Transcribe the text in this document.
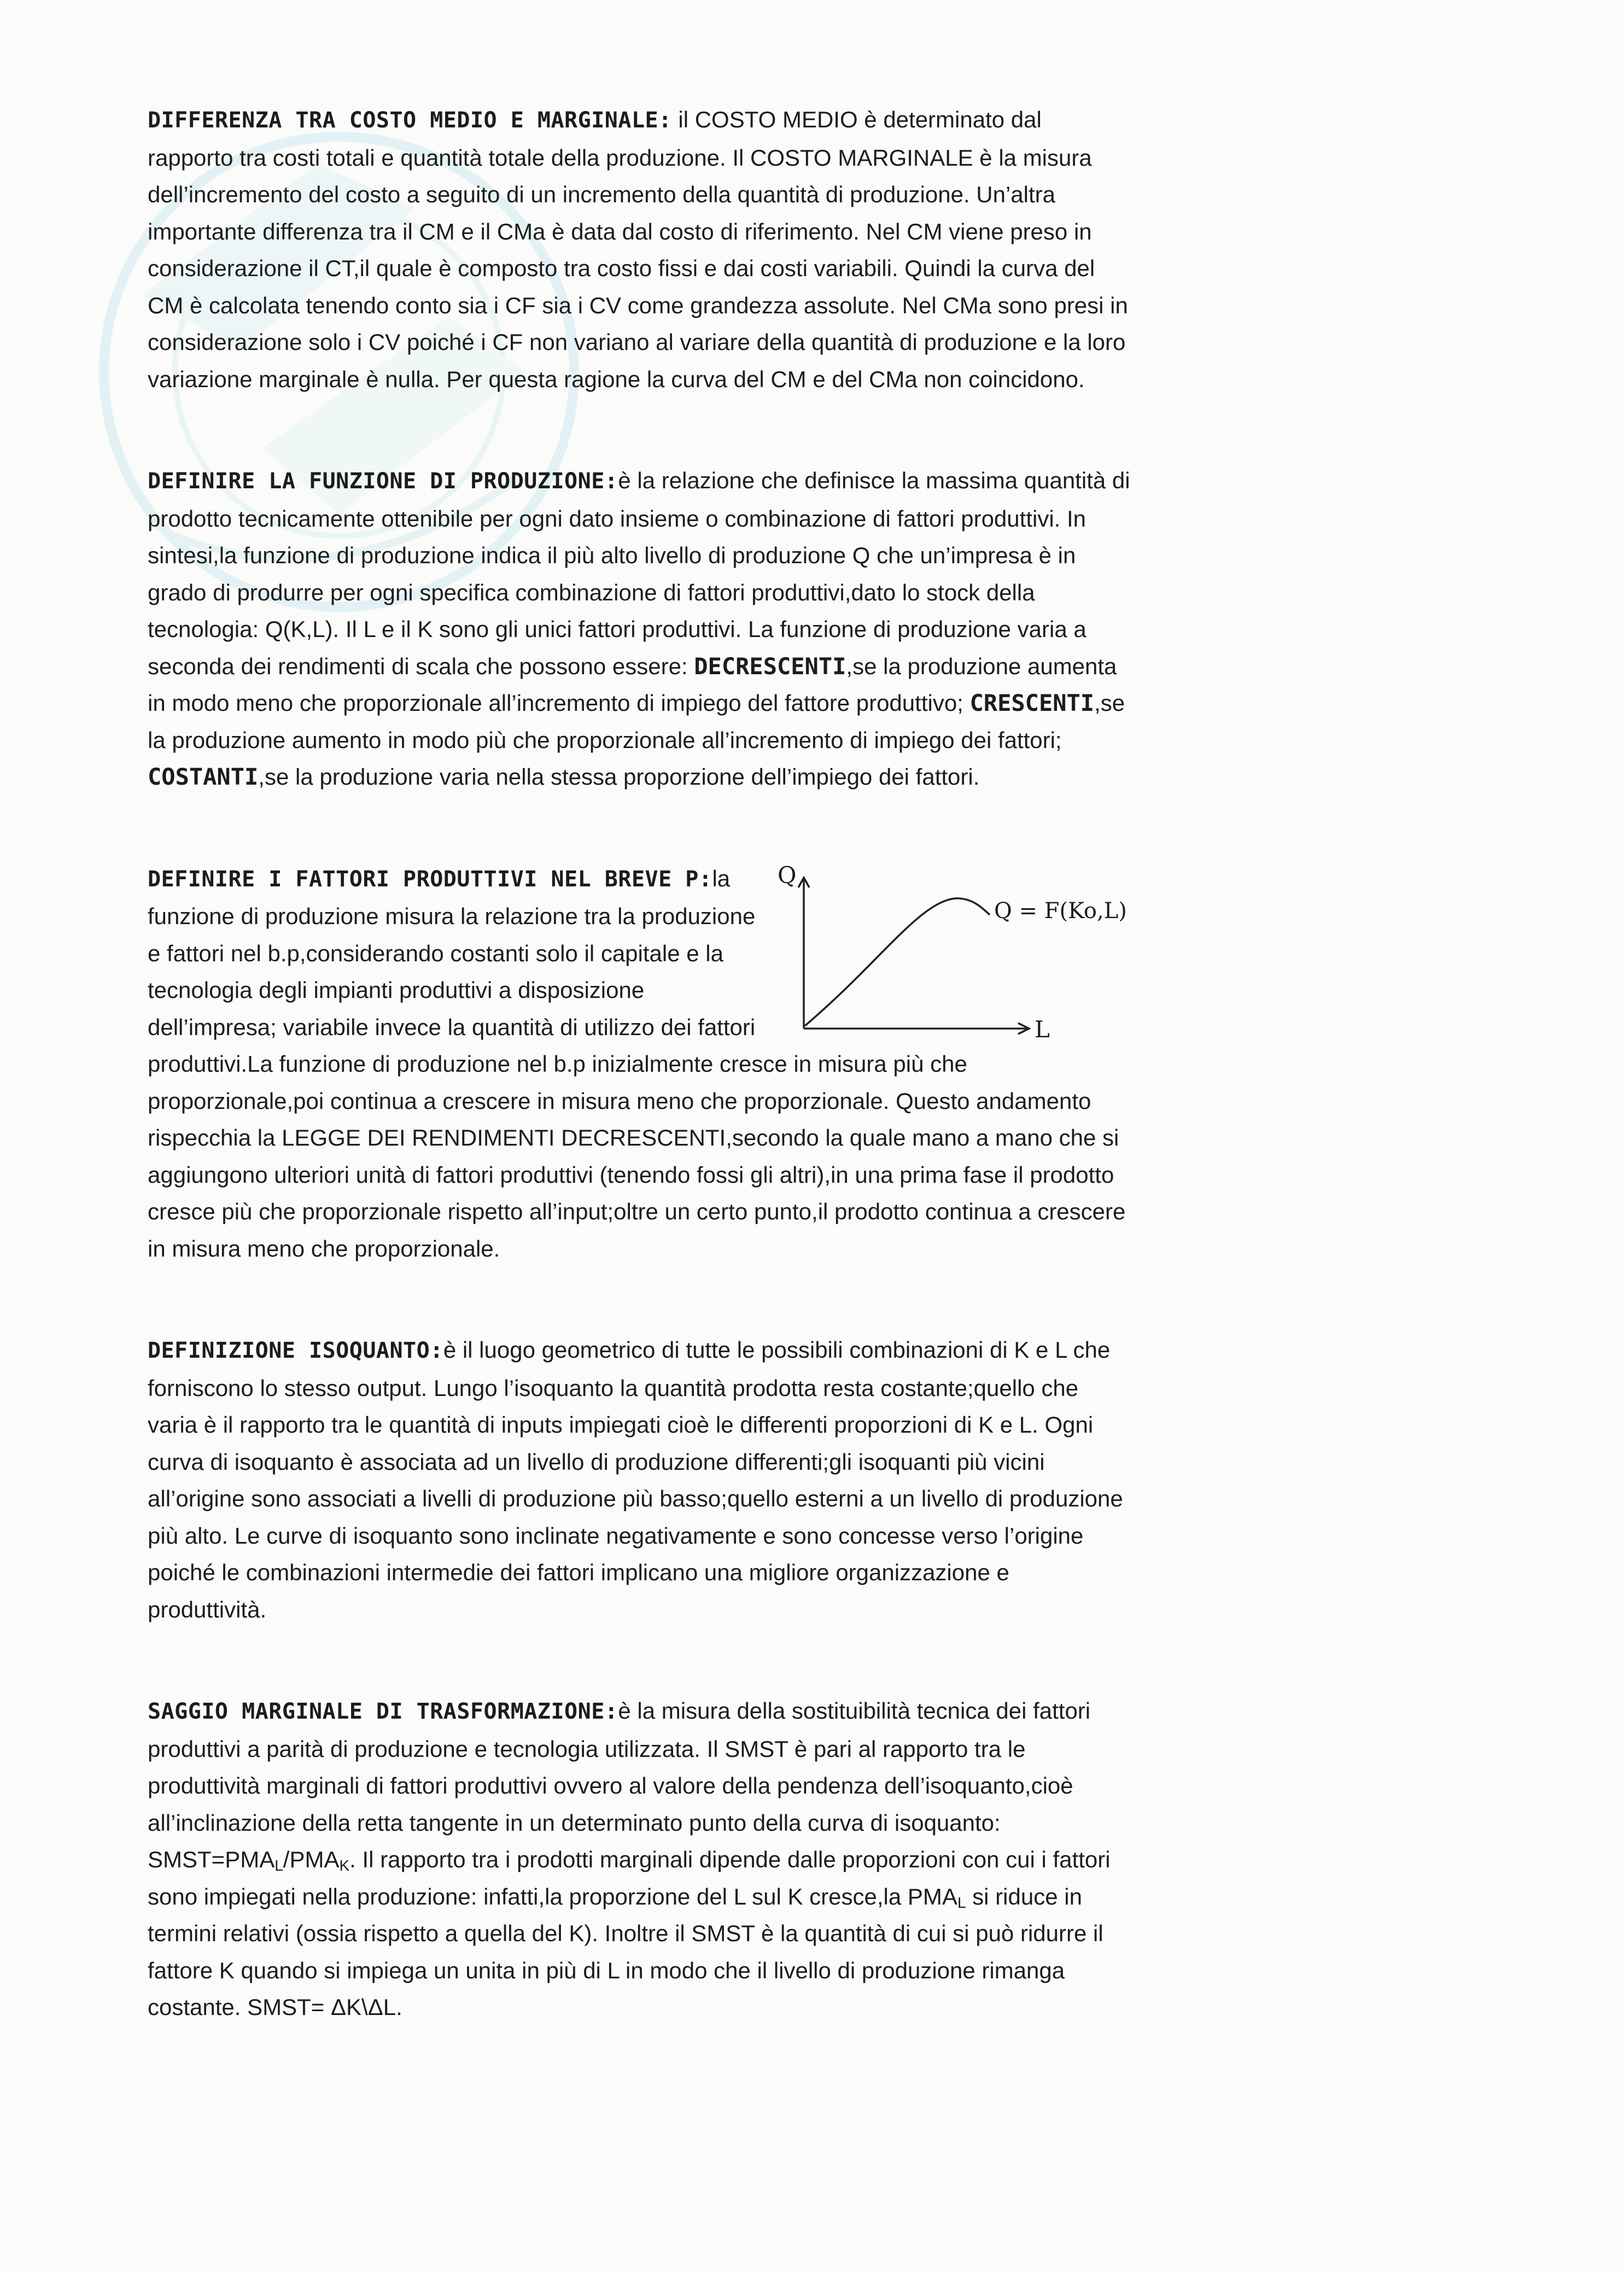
DIFFERENZA TRA COSTO MEDIO E MARGINALE: il COSTO MEDIO è determinato dal rapporto tra costi totali e quantità totale della produzione. Il COSTO MARGINALE è la misura dell’incremento del costo a seguito di un incremento della quantità di produzione. Un’altra importante differenza tra il CM e il CMa è data dal costo di riferimento. Nel CM viene preso in considerazione il CT,il quale è composto tra costo fissi e dai costi variabili. Quindi la curva del CM è calcolata tenendo conto sia i CF sia i CV come grandezza assolute. Nel CMa sono presi in considerazione solo i CV poiché i CF non variano al variare della quantità di produzione e la loro variazione marginale è nulla. Per questa ragione la curva del CM e del CMa non coincidono.

DEFINIRE LA FUNZIONE DI PRODUZIONE:è la relazione che definisce la massima quantità di prodotto tecnicamente ottenibile per ogni dato insieme o combinazione di fattori produttivi. In sintesi,la funzione di produzione indica il più alto livello di produzione Q che un’impresa è in grado di produrre per ogni specifica combinazione di fattori produttivi,dato lo stock della tecnologia: Q(K,L). Il L e il K sono gli unici fattori produttivi. La funzione di produzione varia a seconda dei rendimenti di scala che possono essere: DECRESCENTI,se la produzione aumenta in modo meno che proporzionale all’incremento di impiego del fattore produttivo; CRESCENTI,se la produzione aumento in modo più che proporzionale all’incremento di impiego dei fattori; COSTANTI,se la produzione varia nella stessa proporzione dell’impiego dei fattori.

Q
L
Q = F(Ko,L)
DEFINIRE I FATTORI PRODUTTIVI NEL BREVE P:la funzione di produzione misura la relazione tra la produzione e fattori nel b.p,considerando costanti solo il capitale e la tecnologia degli impianti produttivi a disposizione dell’impresa; variabile invece la quantità di utilizzo dei fattori produttivi.La funzione di produzione nel b.p inizialmente cresce in misura più che proporzionale,poi continua a crescere in misura meno che proporzionale. Questo andamento rispecchia la LEGGE DEI RENDIMENTI DECRESCENTI,secondo la quale mano a mano che si aggiungono ulteriori unità di fattori produttivi (tenendo fossi gli altri),in una prima fase il prodotto cresce più che proporzionale rispetto all’input;oltre un certo punto,il prodotto continua a crescere in misura meno che proporzionale.

DEFINIZIONE ISOQUANTO:è il luogo geometrico di tutte le possibili combinazioni di K e L che forniscono lo stesso output. Lungo l’isoquanto la quantità prodotta resta costante;quello che varia è il rapporto tra le quantità di inputs impiegati cioè le differenti proporzioni di K e L. Ogni curva di isoquanto è associata ad un livello di produzione differenti;gli isoquanti più vicini all’origine sono associati a livelli di produzione più basso;quello esterni a un livello di produzione più alto. Le curve di isoquanto sono inclinate negativamente e sono concesse verso l’origine poiché le combinazioni intermedie dei fattori implicano una migliore organizzazione e produttività.

SAGGIO MARGINALE DI TRASFORMAZIONE:è la misura della sostituibilità tecnica dei fattori produttivi a parità di produzione e tecnologia utilizzata. Il SMST è pari al rapporto tra le produttività marginali di fattori produttivi ovvero al valore della pendenza dell’isoquanto,cioè all’inclinazione della retta tangente in un determinato punto della curva di isoquanto: $SMST=PMA_L/PMA_K$. Il rapporto tra i prodotti marginali dipende dalle proporzioni con cui i fattori sono impiegati nella produzione: infatti,la proporzione del L sul K cresce,la $PMA_L$ si riduce in termini relativi (ossia rispetto a quella del K). Inoltre il SMST è la quantità di cui si può ridurre il fattore K quando si impiega un unita in più di L in modo che il livello di produzione rimanga costante. SMST= ΔK\ΔL.
